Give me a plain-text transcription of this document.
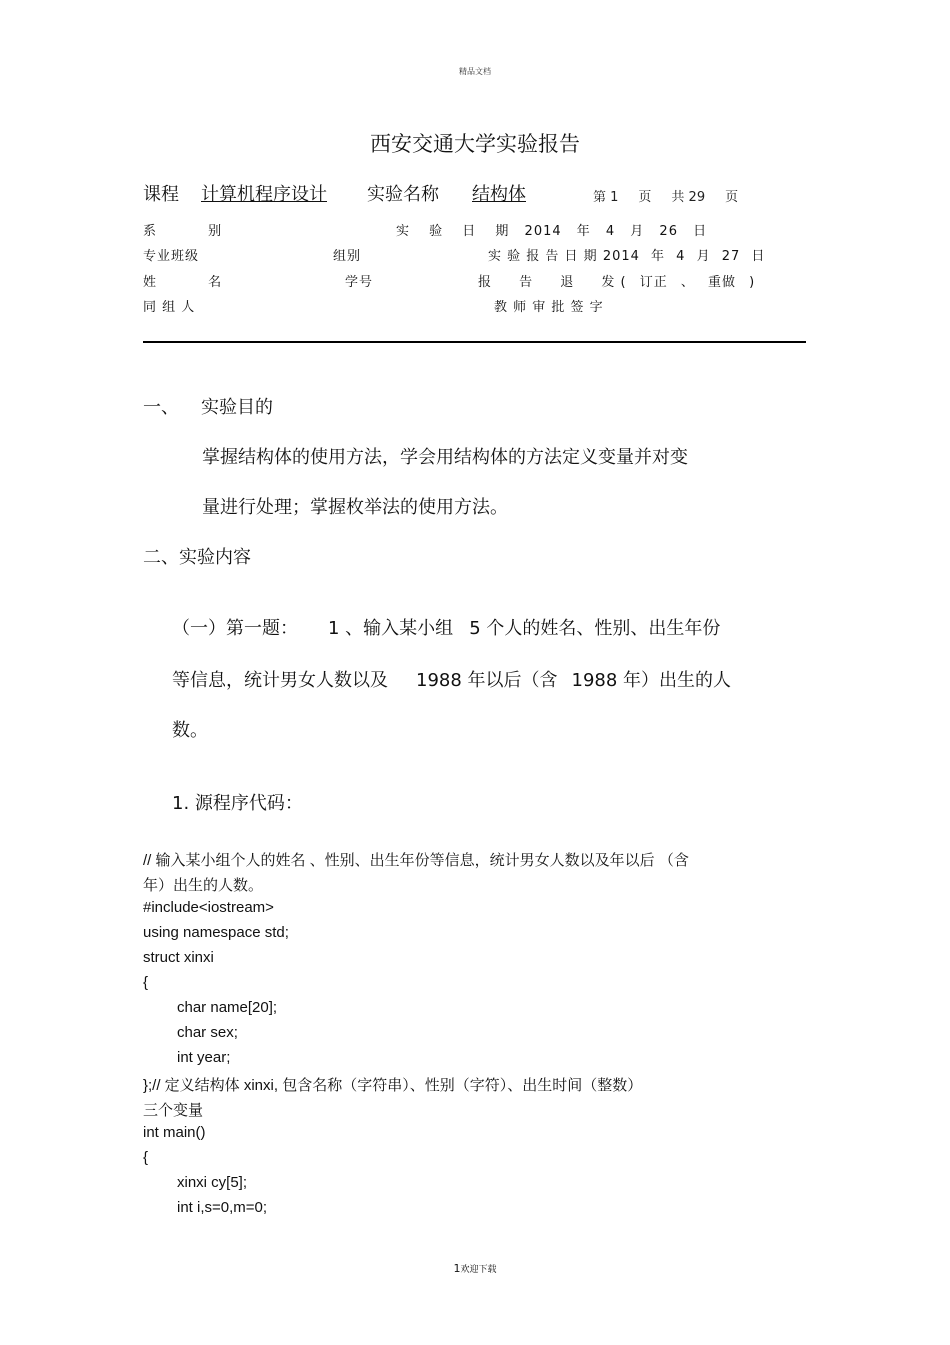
精品文档
西安交通大学实验报告
课程 计算机程序设计 实验名称 结构体	第 1 页 共 29 页
系 别	实 验 日 期 2014 年 4 月 26 日
专业班级	组别	实 验 报 告 日 期 2014 年 4 月 27 日
姓 名	学号	报 告 退 发 ( 订正 、 重做 )
同 组 人	教 师 审 批 签 字
一、 实验目的
掌握结构体的使用方法，学会用结构体的方法定义变量并对变
量进行处理；掌握枚举法的使用方法。
二、实验内容
（一）第一题： 1 、输入某小组 5 个人的姓名、性别、出生年份
等信息，统计男女人数以及 1988 年以后（含 1988 年）出生的人
数。
1. 源程序代码：
// 输入某小组个人的姓名 、性别、出生年份等信息，统计男女人数以及年以后 （含
年）出生的人数。
#include<iostream>
using namespace std;
struct xinxi
{
char name[20];
char sex;
int year;
};// 定义结构体 xinxi, 包含名称（字符串）、性别（字符）、出生时间（整数）
三个变量
int main()
{
xinxi cy[5];
int i,s=0,m=0;
1欢迎下载
